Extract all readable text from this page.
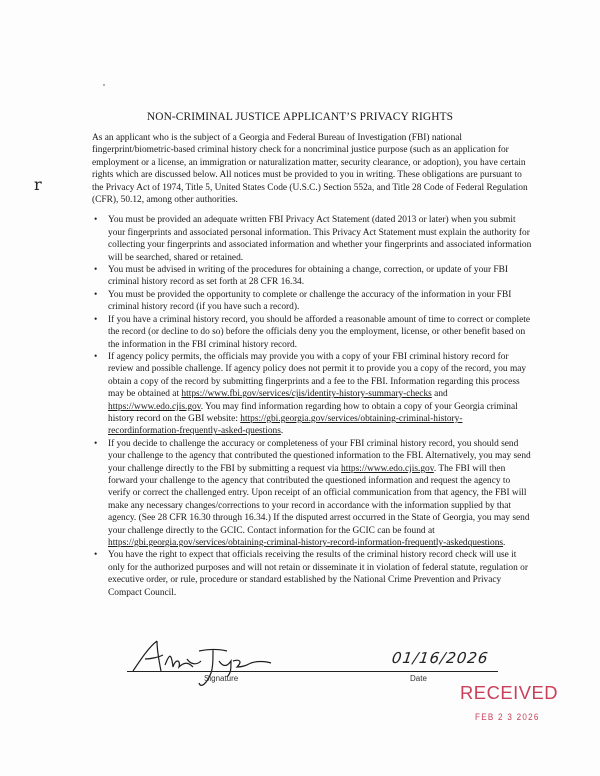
r
NON-CRIMINAL JUSTICE APPLICANT’S PRIVACY RIGHTS

As an applicant who is the subject of a Georgia and Federal Bureau of Investigation (FBI) national fingerprint/biometric-based criminal history check for a noncriminal justice purpose (such as an application for employment or a license, an immigration or naturalization matter, security clearance, or adoption), you have certain rights which are discussed below. All notices must be provided to you in writing. These obligations are pursuant to the Privacy Act of 1974, Title 5, United States Code (U.S.C.) Section 552a, and Title 28 Code of Federal Regulation (CFR), 50.12, among other authorities.

• You must be provided an adequate written FBI Privacy Act Statement (dated 2013 or later) when you submit your fingerprints and associated personal information. This Privacy Act Statement must explain the authority for collecting your fingerprints and associated information and whether your fingerprints and associated information will be searched, shared or retained.
• You must be advised in writing of the procedures for obtaining a change, correction, or update of your FBI criminal history record as set forth at 28 CFR 16.34.
• You must be provided the opportunity to complete or challenge the accuracy of the information in your FBI criminal history record (if you have such a record).
• If you have a criminal history record, you should be afforded a reasonable amount of time to correct or complete the record (or decline to do so) before the officials deny you the employment, license, or other benefit based on the information in the FBI criminal history record.
• If agency policy permits, the officials may provide you with a copy of your FBI criminal history record for review and possible challenge. If agency policy does not permit it to provide you a copy of the record, you may obtain a copy of the record by submitting fingerprints and a fee to the FBI. Information regarding this process may be obtained at https://www.fbi.gov/services/cjis/identity-history-summary-checks and https://www.edo.cjis.gov. You may find information regarding how to obtain a copy of your Georgia criminal history record on the GBI website: https://gbi.georgia.gov/services/obtaining-criminal-history-recordinformation-frequently-asked-questions.
• If you decide to challenge the accuracy or completeness of your FBI criminal history record, you should send your challenge to the agency that contributed the questioned information to the FBI. Alternatively, you may send your challenge directly to the FBI by submitting a request via https://www.edo.cjis.gov. The FBI will then forward your challenge to the agency that contributed the questioned information and request the agency to verify or correct the challenged entry. Upon receipt of an official communication from that agency, the FBI will make any necessary changes/corrections to your record in accordance with the information supplied by that agency. (See 28 CFR 16.30 through 16.34.) If the disputed arrest occurred in the State of Georgia, you may send your challenge directly to the GCIC. Contact information for the GCIC can be found at https://gbi.georgia.gov/services/obtaining-criminal-history-record-information-frequently-askedquestions.
• You have the right to expect that officials receiving the results of the criminal history record check will use it only for the authorized purposes and will not retain or disseminate it in violation of federal statute, regulation or executive order, or rule, procedure or standard established by the National Crime Prevention and Privacy Compact Council.
01/16/2026
Signature	Date
RECEIVED
FEB 2 3 2026
